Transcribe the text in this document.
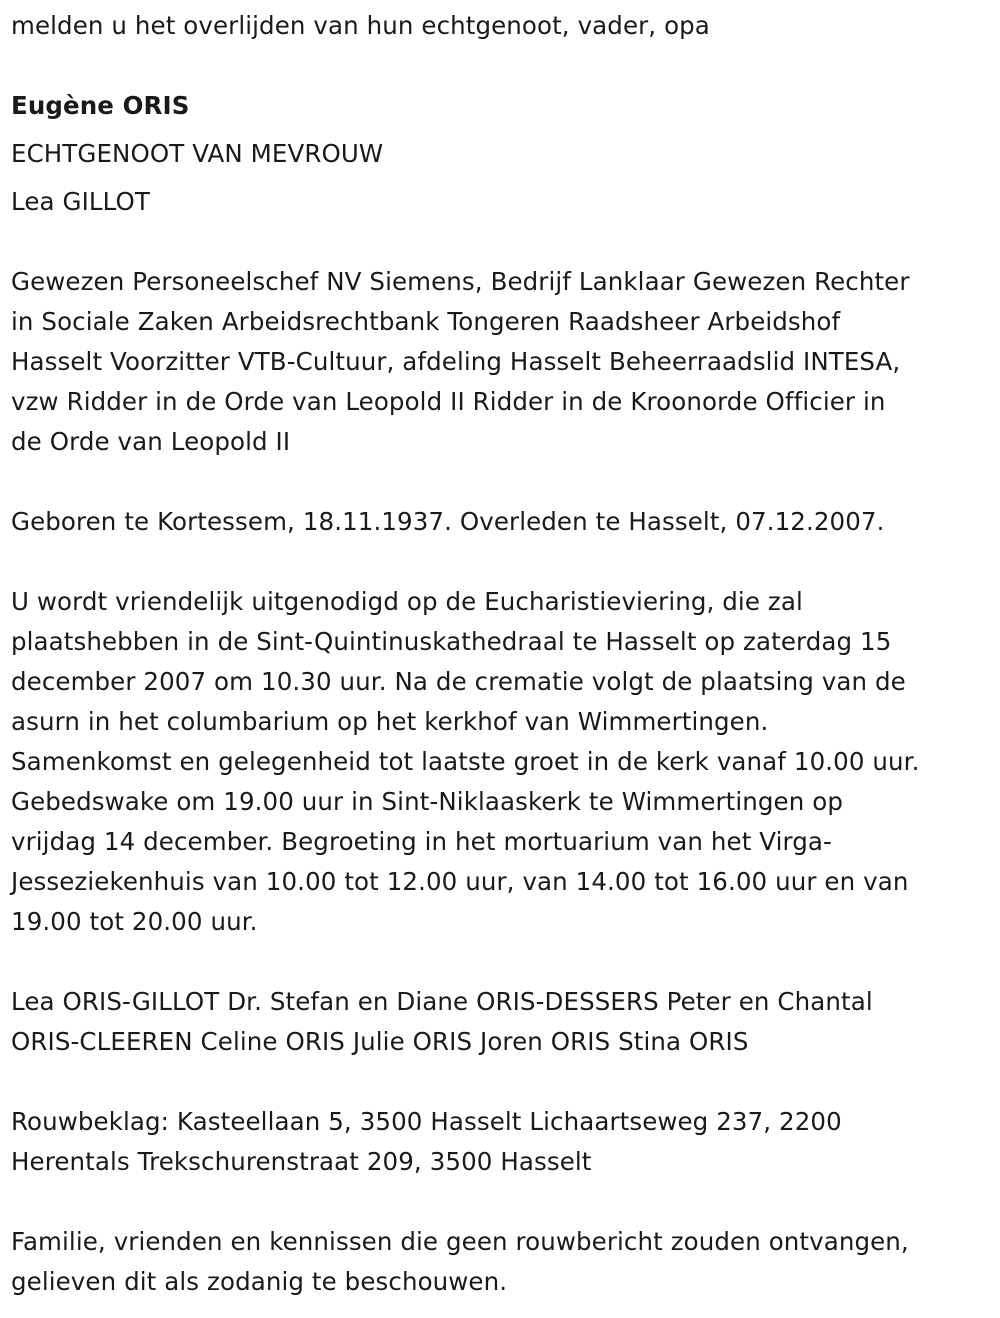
melden u het overlijden van hun echtgenoot, vader, opa
Eugène ORIS
ECHTGENOOT VAN MEVROUW
Lea GILLOT
Gewezen Personeelschef NV Siemens, Bedrijf Lanklaar Gewezen Rechter
in Sociale Zaken Arbeidsrechtbank Tongeren Raadsheer Arbeidshof
Hasselt Voorzitter VTB-Cultuur, afdeling Hasselt Beheerraadslid INTESA,
vzw Ridder in de Orde van Leopold II Ridder in de Kroonorde Officier in
de Orde van Leopold II
Geboren te Kortessem, 18.11.1937. Overleden te Hasselt, 07.12.2007.
U wordt vriendelijk uitgenodigd op de Eucharistieviering, die zal
plaatshebben in de Sint-Quintinuskathedraal te Hasselt op zaterdag 15
december 2007 om 10.30 uur. Na de crematie volgt de plaatsing van de
asurn in het columbarium op het kerkhof van Wimmertingen.
Samenkomst en gelegenheid tot laatste groet in de kerk vanaf 10.00 uur.
Gebedswake om 19.00 uur in Sint-Niklaaskerk te Wimmertingen op
vrijdag 14 december. Begroeting in het mortuarium van het Virga-
Jesseziekenhuis van 10.00 tot 12.00 uur, van 14.00 tot 16.00 uur en van
19.00 tot 20.00 uur.
Lea ORIS-GILLOT Dr. Stefan en Diane ORIS-DESSERS Peter en Chantal
ORIS-CLEEREN Celine ORIS Julie ORIS Joren ORIS Stina ORIS
Rouwbeklag: Kasteellaan 5, 3500 Hasselt Lichaartseweg 237, 2200
Herentals Trekschurenstraat 209, 3500 Hasselt
Familie, vrienden en kennissen die geen rouwbericht zouden ontvangen,
gelieven dit als zodanig te beschouwen.
